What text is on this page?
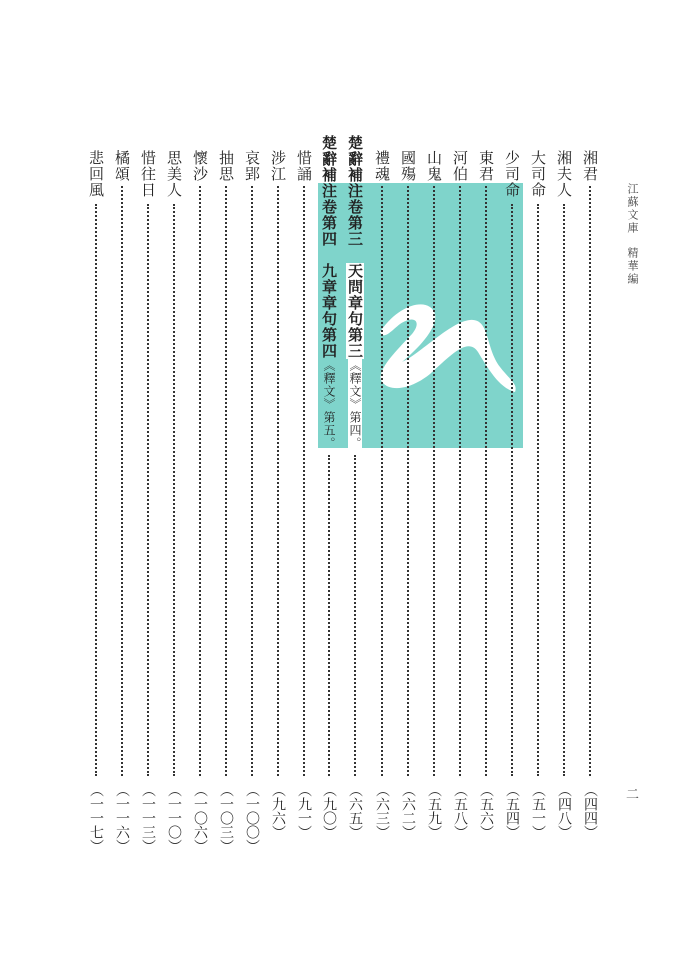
江蘇文庫精華編
二
湘君
（四四）
湘夫人
（四八）
大司命
（五一）
少司命
（五四）
東君
（五六）
河伯
（五八）
山鬼
（五九）
國殤
（六二）
禮魂
（六三）
楚辭補注卷第三　天問章句第三《釋文》第四。
（六五）
楚辭補注卷第四　九章章句第四《釋文》第五。
（九〇）
惜誦
（九一）
涉江
（九六）
哀郢
（一〇〇）
抽思
（一〇三）
懷沙
（一〇六）
思美人
（一一〇）
惜往日
（一一三）
橘頌
（一一六）
悲回風
（一一七）
